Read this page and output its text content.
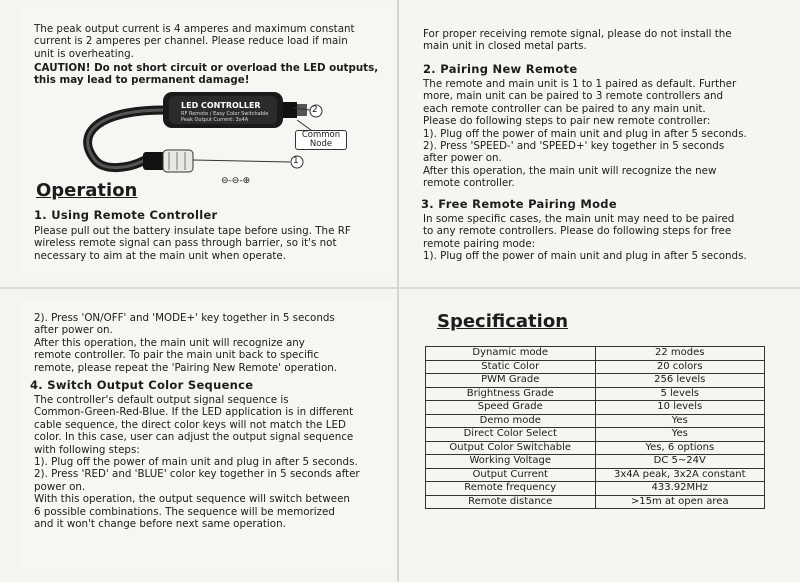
The peak output current is 4 amperes and maximum constant
current is 2 amperes per channel. Please reduce load if main
unit is overheating.
CAUTION! Do not short circuit or overload the LED outputs,
this may lead to permanent damage!
LED CONTROLLER
RF Remote / Easy Color Switchable
Peak Output Current: 3x4A
2
1
Common
Node
⊖-⊖-⊕
Operation
1. Using Remote Controller
Please pull out the battery insulate tape before using. The RF
wireless remote signal can pass through barrier, so it's not
necessary to aim at the main unit when operate.
For proper receiving remote signal, please do not install the
main unit in closed metal parts.
2. Pairing New Remote
The remote and main unit is 1 to 1 paired as default. Further
more, main unit can be paired to 3 remote controllers and
each remote controller can be paired to any main unit.
Please do following steps to pair new remote controller:
1). Plug off the power of main unit and plug in after 5 seconds.
2). Press 'SPEED-' and 'SPEED+' key together in 5 seconds
after power on.
After this operation, the main unit will recognize the new
remote controller.
3. Free Remote Pairing Mode
In some specific cases, the main unit may need to be paired
to any remote controllers. Please do following steps for free
remote pairing mode:
1). Plug off the power of main unit and plug in after 5 seconds.
2). Press 'ON/OFF' and 'MODE+' key together in 5 seconds
after power on.
After this operation, the main unit will recognize any
remote controller. To pair the main unit back to specific
remote, please repeat the 'Pairing New Remote' operation.
4. Switch Output Color Sequence
The controller's default output signal sequence is
Common-Green-Red-Blue. If the LED application is in different
cable sequence, the direct color keys will not match the LED
color. In this case, user can adjust the output signal sequence
with following steps:
1). Plug off the power of main unit and plug in after 5 seconds.
2). Press 'RED' and 'BLUE' color key together in 5 seconds after
power on.
With this operation, the output sequence will switch between
6 possible combinations. The sequence will be memorized
and it won't change before next same operation.
Specification
Dynamic mode	22 modes
Static Color	20 colors
PWM Grade	256 levels
Brightness Grade	5 levels
Speed Grade	10 levels
Demo mode	Yes
Direct Color Select	Yes
Output Color Switchable	Yes, 6 options
Working Voltage	DC 5~24V
Output Current	3x4A peak, 3x2A constant
Remote frequency	433.92MHz
Remote distance	>15m at open area
